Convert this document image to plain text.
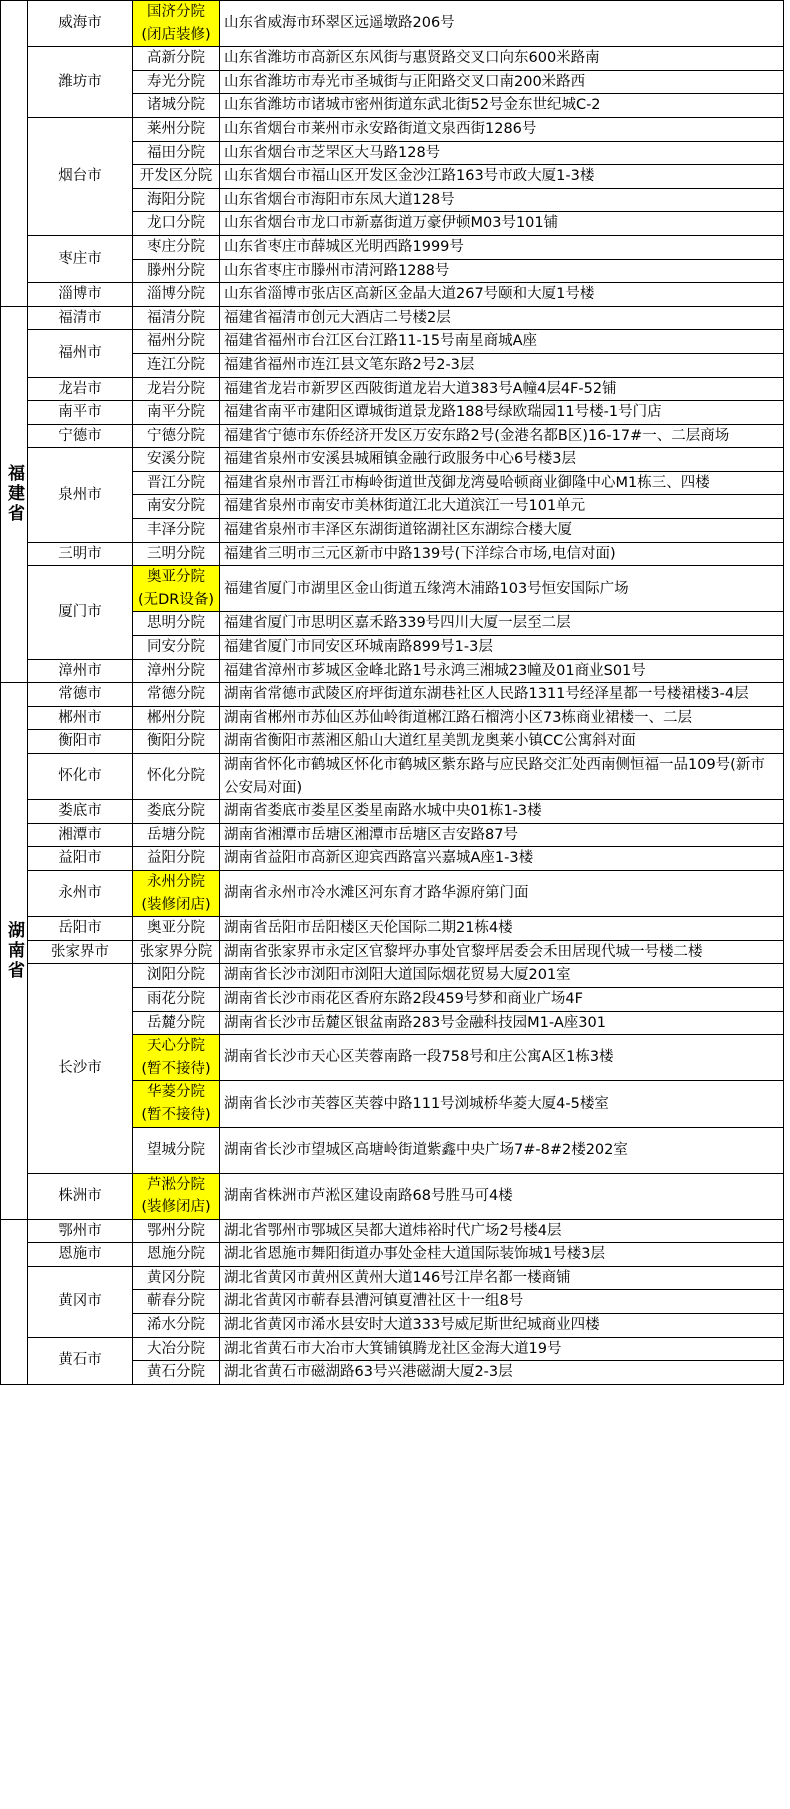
	威海市	国济分院
(闭店装修)	山东省威海市环翠区远遥墩路206号
	潍坊市	高新分院	山东省潍坊市高新区东风街与惠贤路交叉口向东600米路南
		寿光分院	山东省潍坊市寿光市圣城街与正阳路交叉口南200米路西
		诸城分院	山东省潍坊市诸城市密州街道东武北街52号金东世纪城C-2
	烟台市	莱州分院	山东省烟台市莱州市永安路街道文泉西街1286号
		福田分院	山东省烟台市芝罘区大马路128号
		开发区分院	山东省烟台市福山区开发区金沙江路163号市政大厦1-3楼
		海阳分院	山东省烟台市海阳市东凤大道128号
		龙口分院	山东省烟台市龙口市新嘉街道万豪伊顿M03号101铺
	枣庄市	枣庄分院	山东省枣庄市薛城区光明西路1999号
		滕州分院	山东省枣庄市滕州市清河路1288号
	淄博市	淄博分院	山东省淄博市张店区高新区金晶大道267号颐和大厦1号楼
福建省	福清市	福清分院	福建省福清市创元大酒店二号楼2层
	福州市	福州分院	福建省福州市台江区台江路11-15号南星商城A座
		连江分院	福建省福州市连江县文笔东路2号2-3层
	龙岩市	龙岩分院	福建省龙岩市新罗区西陂街道龙岩大道383号A幢4层4F-52铺
	南平市	南平分院	福建省南平市建阳区谭城街道景龙路188号绿欧瑞园11号楼-1号门店
	宁德市	宁德分院	福建省宁德市东侨经济开发区万安东路2号(金港名都B区)16-17#一、二层商场
	泉州市	安溪分院	福建省泉州市安溪县城厢镇金融行政服务中心6号楼3层
		晋江分院	福建省泉州市晋江市梅岭街道世茂御龙湾曼哈顿商业御隆中心M1栋三、四楼
		南安分院	福建省泉州市南安市美林街道江北大道滨江一号101单元
		丰泽分院	福建省泉州市丰泽区东湖街道铭湖社区东湖综合楼大厦
	三明市	三明分院	福建省三明市三元区新市中路139号(下洋综合市场,电信对面)
	厦门市	奥亚分院
(无DR设备)	福建省厦门市湖里区金山街道五缘湾木浦路103号恒安国际广场
		思明分院	福建省厦门市思明区嘉禾路339号四川大厦一层至二层
		同安分院	福建省厦门市同安区环城南路899号1-3层
	漳州市	漳州分院	福建省漳州市芗城区金峰北路1号永鸿三湘城23幢及01商业S01号
湖南省	常德市	常德分院	湖南省常德市武陵区府坪街道东湖巷社区人民路1311号经泽星都一号楼裙楼3-4层
	郴州市	郴州分院	湖南省郴州市苏仙区苏仙岭街道郴江路石榴湾小区73栋商业裙楼一、二层
	衡阳市	衡阳分院	湖南省衡阳市蒸湘区船山大道红星美凯龙奥莱小镇CC公寓斜对面
	怀化市	怀化分院	湖南省怀化市鹤城区怀化市鹤城区紫东路与应民路交汇处西南侧恒福一品109号(新市公安局对面)
	娄底市	娄底分院	湖南省娄底市娄星区娄星南路水城中央01栋1-3楼
	湘潭市	岳塘分院	湖南省湘潭市岳塘区湘潭市岳塘区吉安路87号
	益阳市	益阳分院	湖南省益阳市高新区迎宾西路富兴嘉城A座1-3楼
	永州市	永州分院
(装修闭店)	湖南省永州市冷水滩区河东育才路华源府第门面
	岳阳市	奥亚分院	湖南省岳阳市岳阳楼区天伦国际二期21栋4楼
	张家界市	张家界分院	湖南省张家界市永定区官黎坪办事处官黎坪居委会禾田居现代城一号楼二楼
	长沙市	浏阳分院	湖南省长沙市浏阳市浏阳大道国际烟花贸易大厦201室
		雨花分院	湖南省长沙市雨花区香府东路2段459号梦和商业广场4F
		岳麓分院	湖南省长沙市岳麓区银盆南路283号金融科技园M1-A座301
		天心分院
(暂不接待)	湖南省长沙市天心区芙蓉南路一段758号和庄公寓A区1栋3楼
		华菱分院
(暂不接待)	湖南省长沙市芙蓉区芙蓉中路111号浏城桥华菱大厦4-5楼室
		望城分院	湖南省长沙市望城区高塘岭街道紫鑫中央广场7#-8#2楼202室
	株洲市	芦淞分院
(装修闭店)	湖南省株洲市芦淞区建设南路68号胜马可4楼
	鄂州市	鄂州分院	湖北省鄂州市鄂城区吴都大道炜裕时代广场2号楼4层
	恩施市	恩施分院	湖北省恩施市舞阳街道办事处金桂大道国际装饰城1号楼3层
	黄冈市	黄冈分院	湖北省黄冈市黄州区黄州大道146号江岸名都一楼商铺
		蕲春分院	湖北省黄冈市蕲春县漕河镇夏漕社区十一组8号
		浠水分院	湖北省黄冈市浠水县安时大道333号威尼斯世纪城商业四楼
	黄石市	大冶分院	湖北省黄石市大冶市大箕铺镇腾龙社区金海大道19号
		黄石分院	湖北省黄石市磁湖路63号兴港磁湖大厦2-3层
